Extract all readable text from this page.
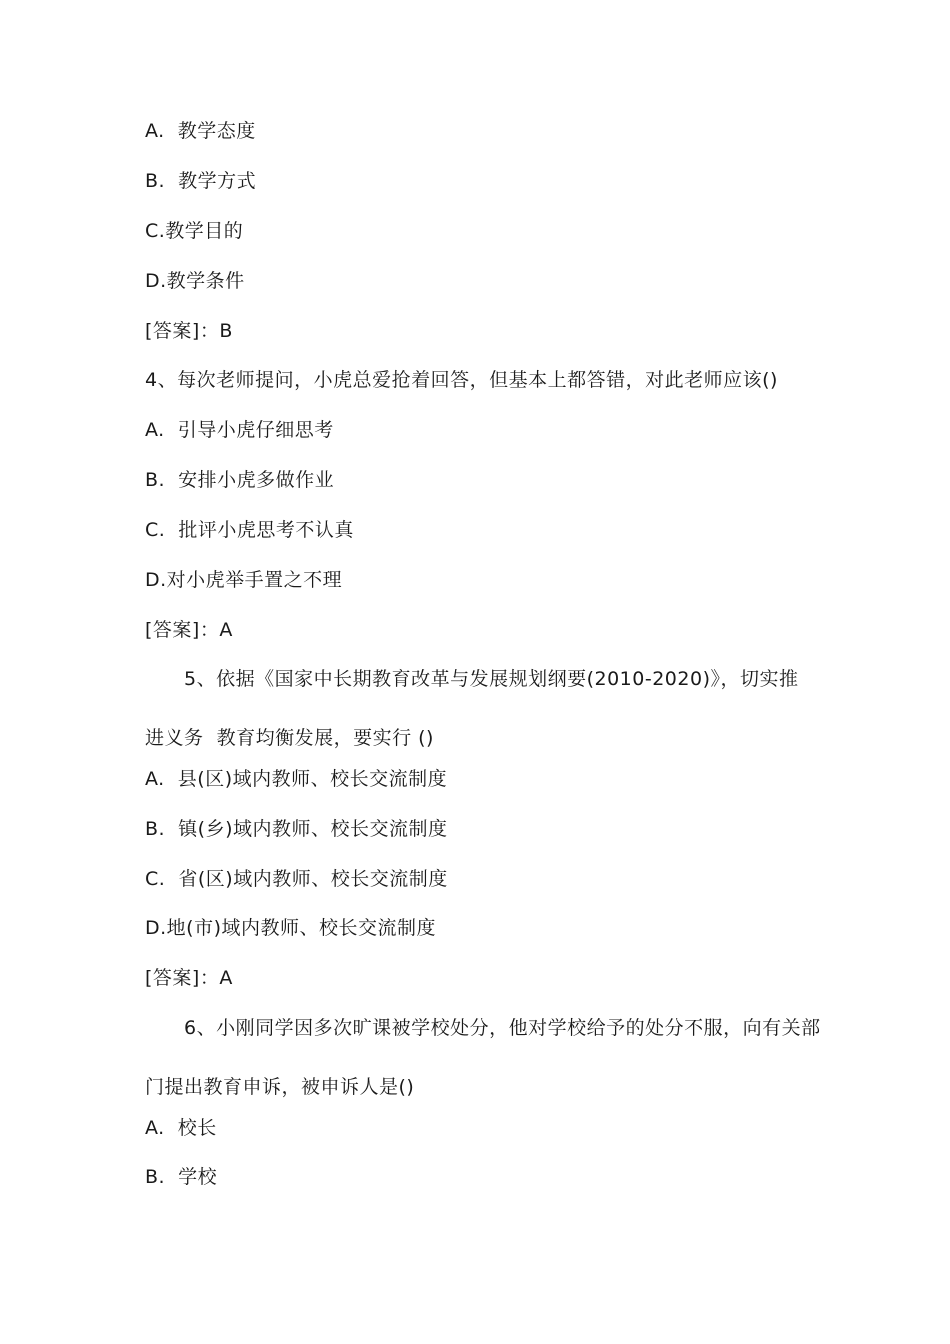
A.  教学态度
B.  教学方式
C.教学目的
D.教学条件
[答案]：B
4、每次老师提问，小虎总爱抢着回答，但基本上都答错，对此老师应该()
A.  引导小虎仔细思考
B.  安排小虎多做作业
C.  批评小虎思考不认真
D.对小虎举手置之不理
[答案]：A
5、依据《国家中长期教育改革与发展规划纲要(2010-2020)》，切实推
进义务  教育均衡发展，要实行 ()
A.  县(区)域内教师、校长交流制度
B.  镇(乡)域内教师、校长交流制度
C.  省(区)域内教师、校长交流制度
D.地(市)域内教师、校长交流制度
[答案]：A
6、小刚同学因多次旷课被学校处分，他对学校给予的处分不服，向有关部
门提出教育申诉，被申诉人是()
A.  校长
B.  学校
